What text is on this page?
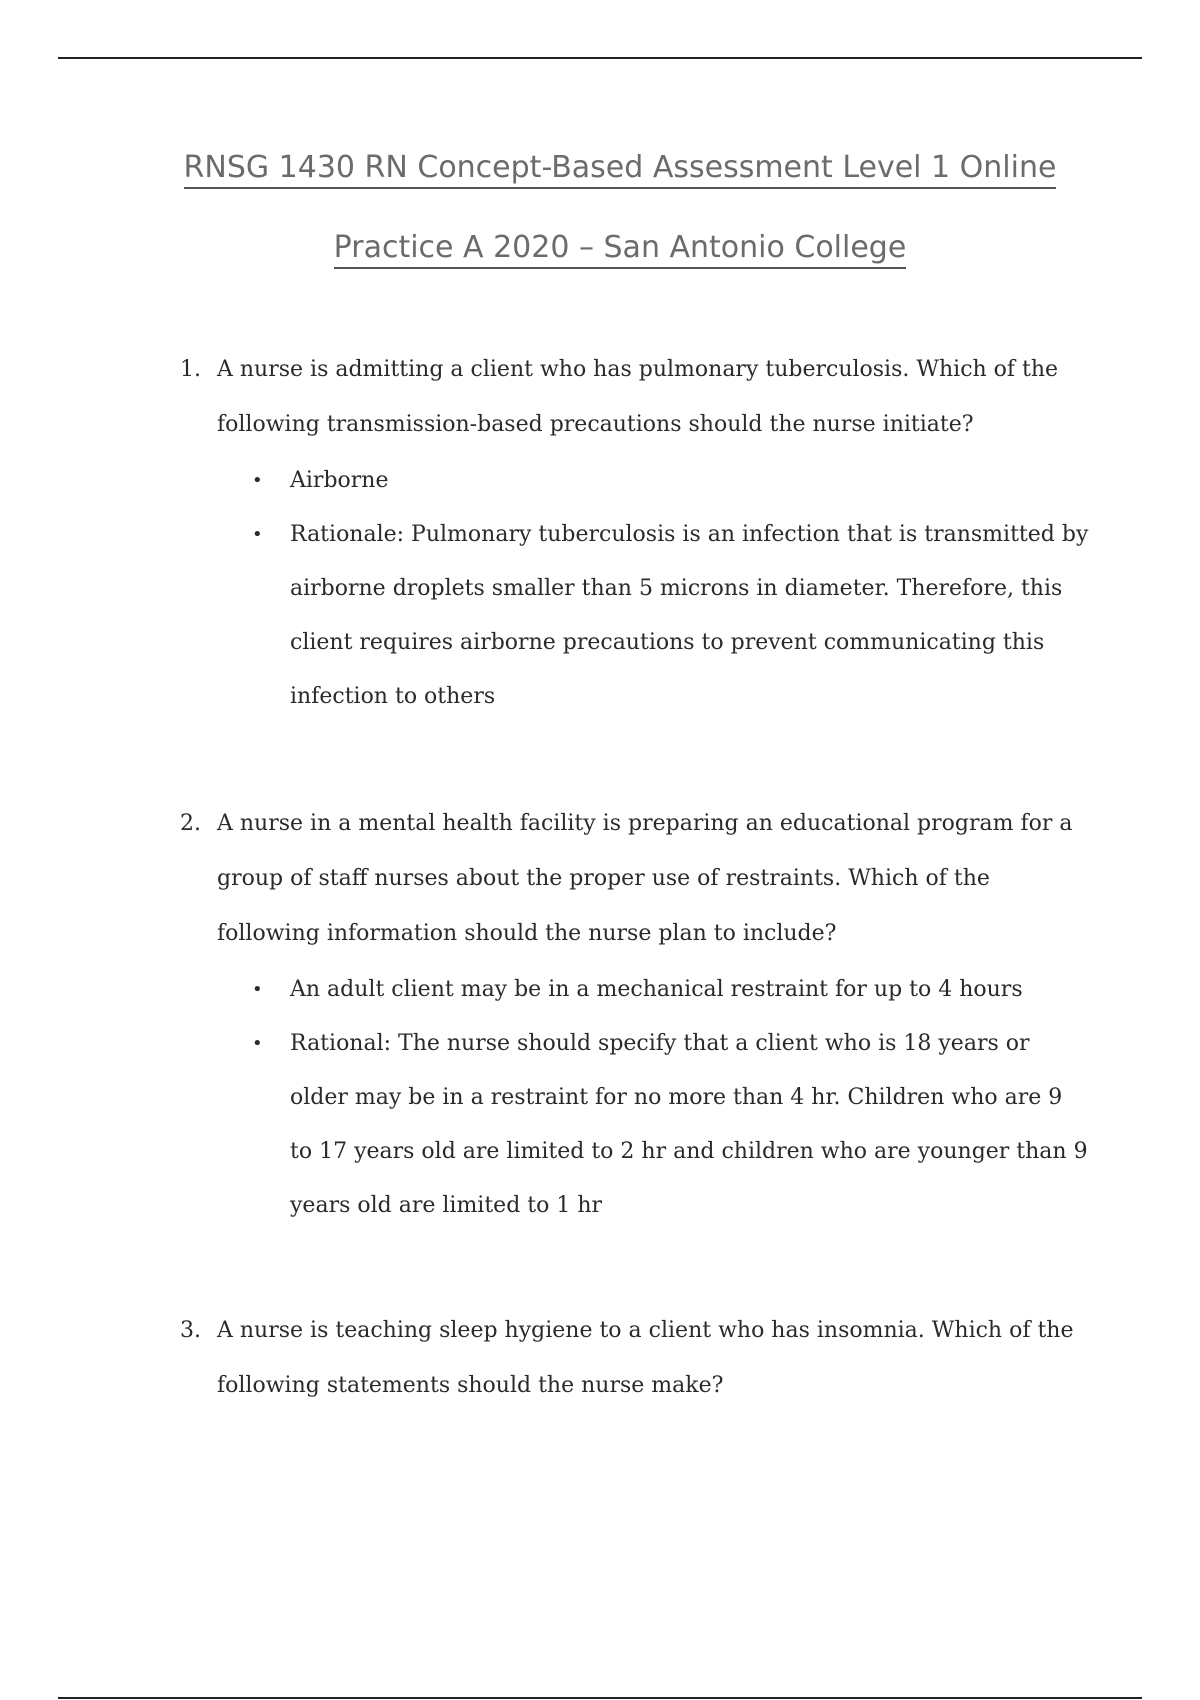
RNSG 1430 RN Concept-Based Assessment Level 1 Online
Practice A 2020 – San Antonio College
1. A nurse is admitting a client who has pulmonary tuberculosis. Which of the following transmission-based precautions should the nurse initiate?
• Airborne
• Rationale: Pulmonary tuberculosis is an infection that is transmitted by airborne droplets smaller than 5 microns in diameter. Therefore, this client requires airborne precautions to prevent communicating this infection to others
2. A nurse in a mental health facility is preparing an educational program for a group of staff nurses about the proper use of restraints. Which of the following information should the nurse plan to include?
• An adult client may be in a mechanical restraint for up to 4 hours
• Rational: The nurse should specify that a client who is 18 years or older may be in a restraint for no more than 4 hr. Children who are 9 to 17 years old are limited to 2 hr and children who are younger than 9 years old are limited to 1 hr
3. A nurse is teaching sleep hygiene to a client who has insomnia. Which of the following statements should the nurse make?
